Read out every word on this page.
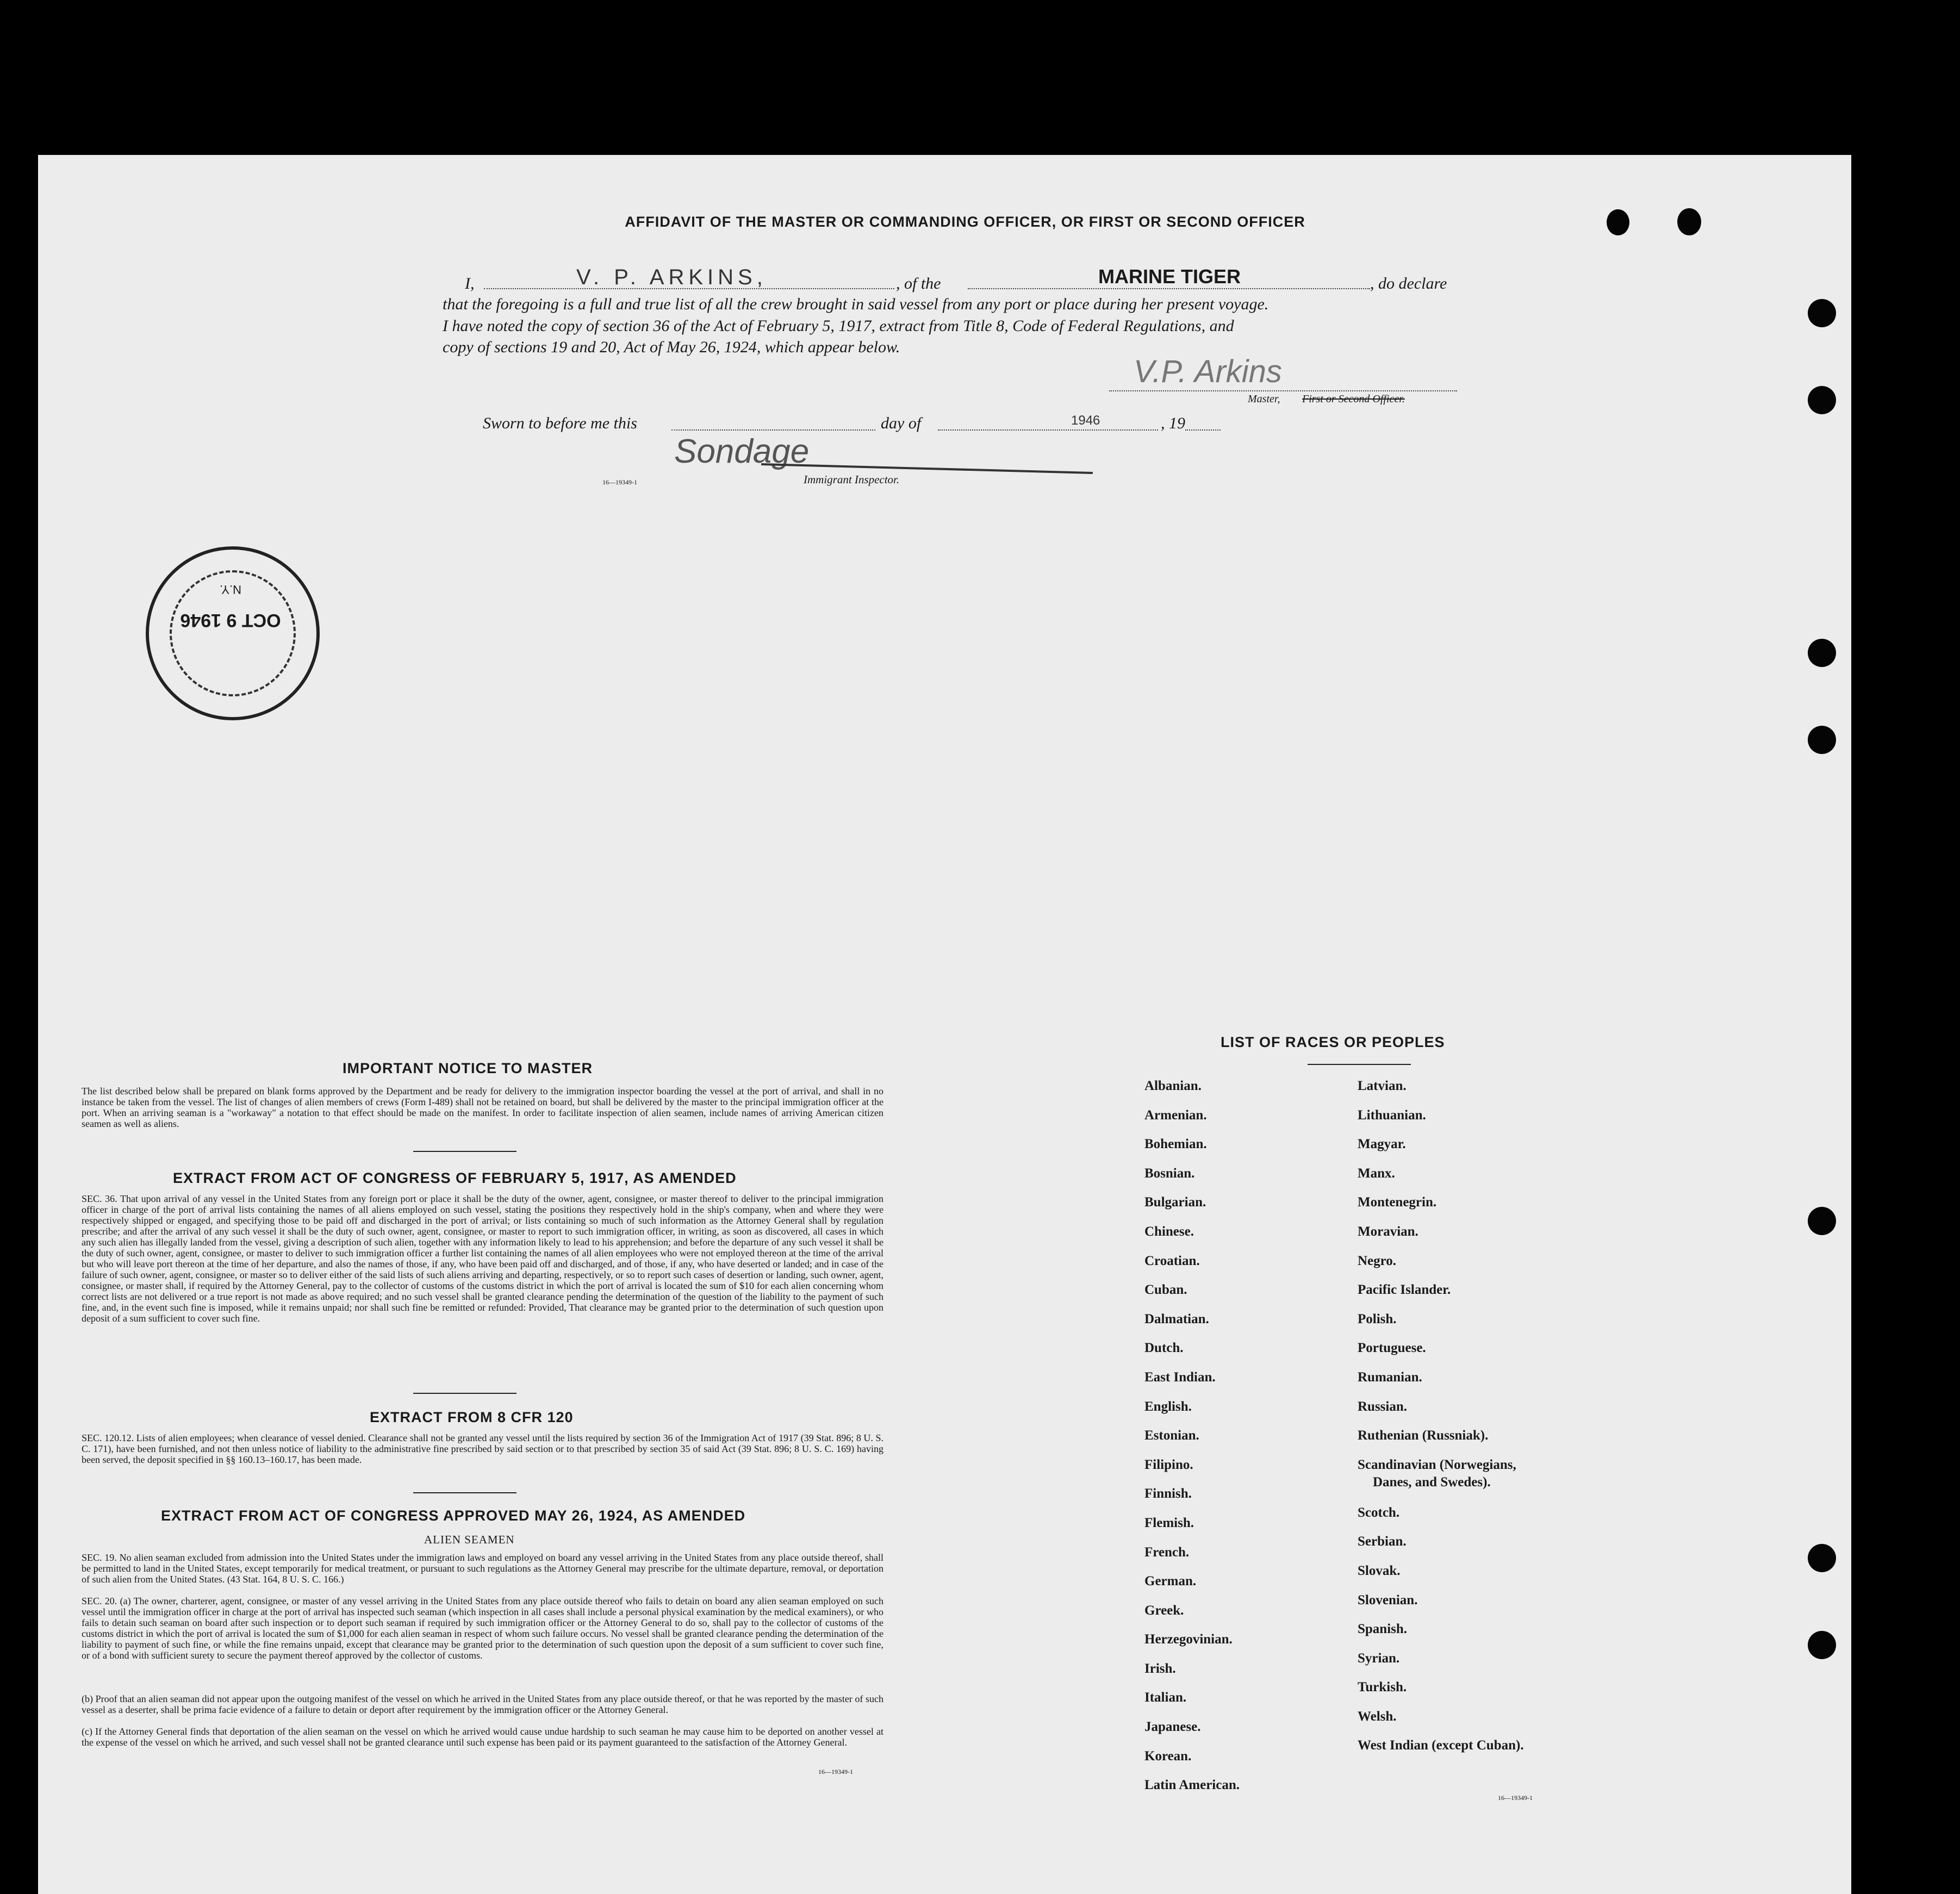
AFFIDAVIT OF THE MASTER OR COMMANDING OFFICER, OR FIRST OR SECOND OFFICER
I,	V. P. ARKINS,	, of the	MARINE TIGER	, do declare
that the foregoing is a full and true list of all the crew brought in said vessel from any port or place during her present voyage.
I have noted the copy of section 36 of the Act of February 5, 1917, extract from Title 8, Code of Federal Regulations, and
copy of sections 19 and 20, Act of May 26, 1924, which appear below.
V.P. Arkins
Master, First or Second Officer.
Sworn to before me this	day of	1946	, 19
Sondage
16—19349-1	Immigrant Inspector.
N.Y.
OCT 9 1946
IMPORTANT NOTICE TO MASTER
The list described below shall be prepared on blank forms approved by the Department and be ready for delivery to the immigration inspector boarding the vessel at the port of arrival, and shall in no instance be taken from the vessel. The list of changes of alien members of crews (Form I-489) shall not be retained on board, but shall be delivered by the master to the principal immigration officer at the port. When an arriving seaman is a "workaway" a notation to that effect should be made on the manifest. In order to facilitate inspection of alien seamen, include names of arriving American citizen seamen as well as aliens.
EXTRACT FROM ACT OF CONGRESS OF FEBRUARY 5, 1917, AS AMENDED
SEC. 36. That upon arrival of any vessel in the United States from any foreign port or place it shall be the duty of the owner, agent, consignee, or master thereof to deliver to the principal immigration officer in charge of the port of arrival lists containing the names of all aliens employed on such vessel, stating the positions they respectively hold in the ship's company, when and where they were respectively shipped or engaged, and specifying those to be paid off and discharged in the port of arrival; or lists containing so much of such information as the Attorney General shall by regulation prescribe; and after the arrival of any such vessel it shall be the duty of such owner, agent, consignee, or master to report to such immigration officer, in writing, as soon as discovered, all cases in which any such alien has illegally landed from the vessel, giving a description of such alien, together with any information likely to lead to his apprehension; and before the departure of any such vessel it shall be the duty of such owner, agent, consignee, or master to deliver to such immigration officer a further list containing the names of all alien employees who were not employed thereon at the time of the arrival but who will leave port thereon at the time of her departure, and also the names of those, if any, who have been paid off and discharged, and of those, if any, who have deserted or landed; and in case of the failure of such owner, agent, consignee, or master so to deliver either of the said lists of such aliens arriving and departing, respectively, or so to report such cases of desertion or landing, such owner, agent, consignee, or master shall, if required by the Attorney General, pay to the collector of customs of the customs district in which the port of arrival is located the sum of $10 for each alien concerning whom correct lists are not delivered or a true report is not made as above required; and no such vessel shall be granted clearance pending the determination of the question of the liability to the payment of such fine, and, in the event such fine is imposed, while it remains unpaid; nor shall such fine be remitted or refunded: Provided, That clearance may be granted prior to the determination of such question upon deposit of a sum sufficient to cover such fine.
EXTRACT FROM 8 CFR 120
SEC. 120.12. Lists of alien employees; when clearance of vessel denied. Clearance shall not be granted any vessel until the lists required by section 36 of the Immigration Act of 1917 (39 Stat. 896; 8 U. S. C. 171), have been furnished, and not then unless notice of liability to the administrative fine prescribed by said section or to that prescribed by section 35 of said Act (39 Stat. 896; 8 U. S. C. 169) having been served, the deposit specified in §§ 160.13–160.17, has been made.
EXTRACT FROM ACT OF CONGRESS APPROVED MAY 26, 1924, AS AMENDED
ALIEN SEAMEN
SEC. 19. No alien seaman excluded from admission into the United States under the immigration laws and employed on board any vessel arriving in the United States from any place outside thereof, shall be permitted to land in the United States, except temporarily for medical treatment, or pursuant to such regulations as the Attorney General may prescribe for the ultimate departure, removal, or deportation of such alien from the United States. (43 Stat. 164, 8 U. S. C. 166.)
SEC. 20. (a) The owner, charterer, agent, consignee, or master of any vessel arriving in the United States from any place outside thereof who fails to detain on board any alien seaman employed on such vessel until the immigration officer in charge at the port of arrival has inspected such seaman (which inspection in all cases shall include a personal physical examination by the medical examiners), or who fails to detain such seaman on board after such inspection or to deport such seaman if required by such immigration officer or the Attorney General to do so, shall pay to the collector of customs of the customs district in which the port of arrival is located the sum of $1,000 for each alien seaman in respect of whom such failure occurs. No vessel shall be granted clearance pending the determination of the liability to payment of such fine, or while the fine remains unpaid, except that clearance may be granted prior to the determination of such question upon the deposit of a sum sufficient to cover such fine, or of a bond with sufficient surety to secure the payment thereof approved by the collector of customs.
(b) Proof that an alien seaman did not appear upon the outgoing manifest of the vessel on which he arrived in the United States from any place outside thereof, or that he was reported by the master of such vessel as a deserter, shall be prima facie evidence of a failure to detain or deport after requirement by the immigration officer or the Attorney General.
(c) If the Attorney General finds that deportation of the alien seaman on the vessel on which he arrived would cause undue hardship to such seaman he may cause him to be deported on another vessel at the expense of the vessel on which he arrived, and such vessel shall not be granted clearance until such expense has been paid or its payment guaranteed to the satisfaction of the Attorney General.
16—19349-1
LIST OF RACES OR PEOPLES
Albanian.
Armenian.
Bohemian.
Bosnian.
Bulgarian.
Chinese.
Croatian.
Cuban.
Dalmatian.
Dutch.
East Indian.
English.
Estonian.
Filipino.
Finnish.
Flemish.
French.
German.
Greek.
Herzegovinian.
Irish.
Italian.
Japanese.
Korean.
Latin American.
Latvian.
Lithuanian.
Magyar.
Manx.
Montenegrin.
Moravian.
Negro.
Pacific Islander.
Polish.
Portuguese.
Rumanian.
Russian.
Ruthenian (Russniak).
Scandinavian (Norwegians,
Danes, and Swedes).
Scotch.
Serbian.
Slovak.
Slovenian.
Spanish.
Syrian.
Turkish.
Welsh.
West Indian (except Cuban).
16—19349-1
